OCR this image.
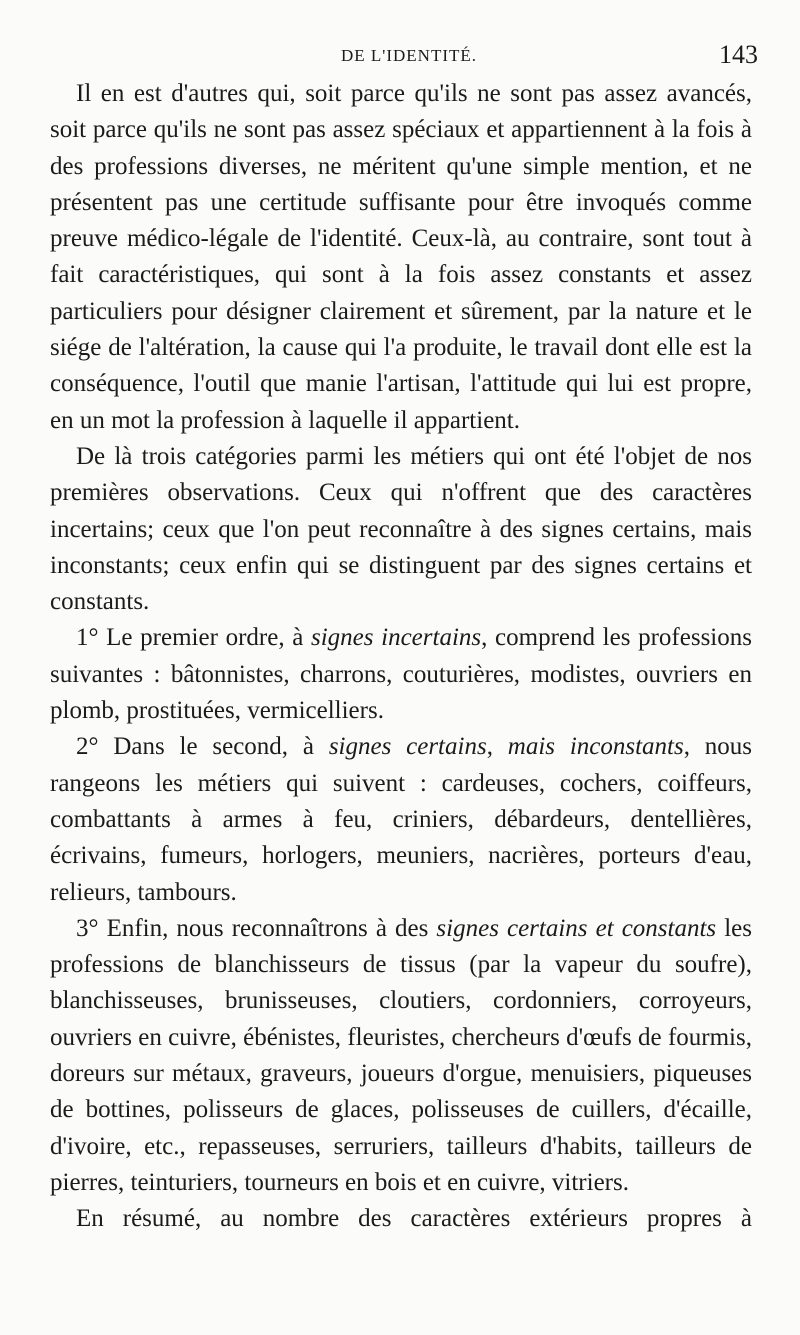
DE L'IDENTITÉ.	143

Il en est d'autres qui, soit parce qu'ils ne sont pas assez avancés, soit parce qu'ils ne sont pas assez spéciaux et appartiennent à la fois à des professions diverses, ne méritent qu'une simple mention, et ne présentent pas une certitude suffisante pour être invoqués comme preuve médico-légale de l'identité. Ceux-là, au contraire, sont tout à fait caractéristiques, qui sont à la fois assez constants et assez particuliers pour désigner clairement et sûrement, par la nature et le siége de l'altération, la cause qui l'a produite, le travail dont elle est la conséquence, l'outil que manie l'artisan, l'attitude qui lui est propre, en un mot la profession à laquelle il appartient.

De là trois catégories parmi les métiers qui ont été l'objet de nos premières observations. Ceux qui n'offrent que des caractères incertains; ceux que l'on peut reconnaître à des signes certains, mais inconstants; ceux enfin qui se distinguent par des signes certains et constants.

1° Le premier ordre, à signes incertains, comprend les professions suivantes : bâtonnistes, charrons, couturières, modistes, ouvriers en plomb, prostituées, vermicelliers.

2° Dans le second, à signes certains, mais inconstants, nous rangeons les métiers qui suivent : cardeuses, cochers, coiffeurs, combattants à armes à feu, criniers, débardeurs, dentellières, écrivains, fumeurs, horlogers, meuniers, nacrières, porteurs d'eau, relieurs, tambours.

3° Enfin, nous reconnaîtrons à des signes certains et constants les professions de blanchisseurs de tissus (par la vapeur du soufre), blanchisseuses, brunisseuses, cloutiers, cordonniers, corroyeurs, ouvriers en cuivre, ébénistes, fleuristes, chercheurs d'œufs de fourmis, doreurs sur métaux, graveurs, joueurs d'orgue, menuisiers, piqueuses de bottines, polisseurs de glaces, polisseuses de cuillers, d'écaille, d'ivoire, etc., repasseuses, serruriers, tailleurs d'habits, tailleurs de pierres, teinturiers, tourneurs en bois et en cuivre, vitriers.

En résumé, au nombre des caractères extérieurs propres à
